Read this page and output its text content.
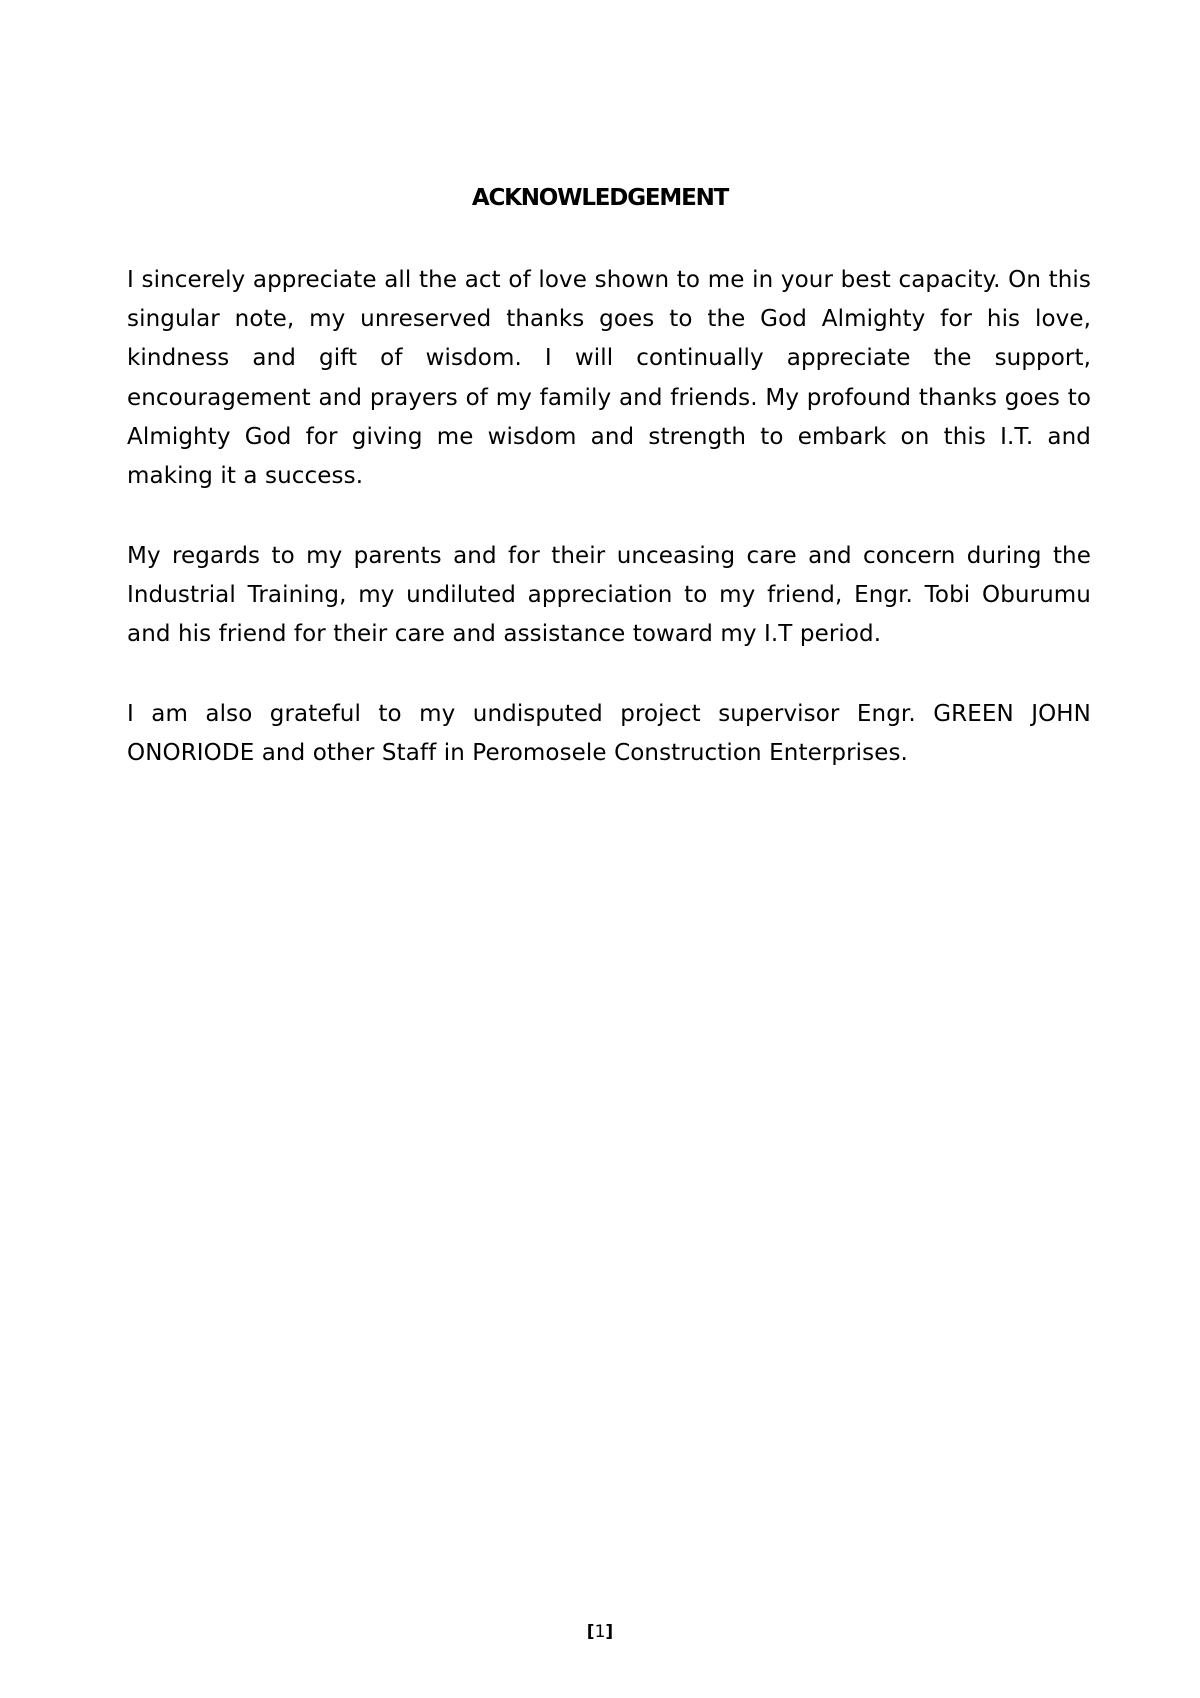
ACKNOWLEDGEMENT

I sincerely appreciate all the act of love shown to me in your best capacity. On this singular note, my unreserved thanks goes to the God Almighty for his love, kindness and gift of wisdom. I will continually appreciate the support, encouragement and prayers of my family and friends. My profound thanks goes to Almighty God for giving me wisdom and strength to embark on this I.T. and making it a success.

My regards to my parents and for their unceasing care and concern during the Industrial Training, my undiluted appreciation to my friend, Engr. Tobi Oburumu and his friend for their care and assistance toward my I.T period.

I am also grateful to my undisputed project supervisor Engr. GREEN JOHN ONORIODE and other Staff in Peromosele Construction Enterprises.

[1]
